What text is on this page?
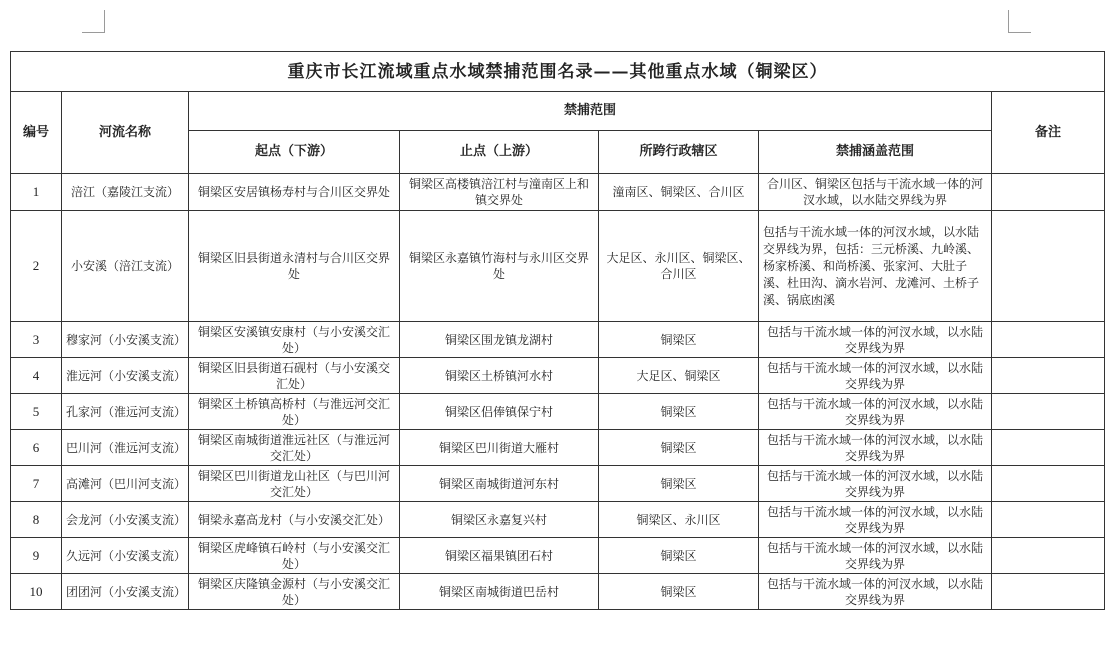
重庆市长江流域重点水域禁捕范围名录——其他重点水域（铜梁区）						
编号	河流名称	禁捕范围				备注
		起点（下游）	止点（上游）	所跨行政辖区	禁捕涵盖范围	
1	涪江（嘉陵江支流）	铜梁区安居镇杨寿村与合川区交界处	铜梁区高楼镇涪江村与潼南区上和镇交界处	潼南区、铜梁区、合川区	合川区、铜梁区包括与干流水域一体的河汊水域，以水陆交界线为界	
2	小安溪（涪江支流）	铜梁区旧县街道永清村与合川区交界处	铜梁区永嘉镇竹海村与永川区交界处	大足区、永川区、铜梁区、合川区	包括与干流水域一体的河汊水域，以水陆交界线为界，包括：三元桥溪、九岭溪、杨家桥溪、和尚桥溪、张家河、大肚子溪、杜田沟、滴水岩河、龙滩河、土桥子溪、锅底凼溪	
3	穆家河（小安溪支流）	铜梁区安溪镇安康村（与小安溪交汇处）	铜梁区围龙镇龙湖村	铜梁区	包括与干流水域一体的河汊水域，以水陆交界线为界	
4	淮远河（小安溪支流）	铜梁区旧县街道石砚村（与小安溪交汇处）	铜梁区土桥镇河水村	大足区、铜梁区	包括与干流水域一体的河汊水域，以水陆交界线为界	
5	孔家河（淮远河支流）	铜梁区土桥镇高桥村（与淮远河交汇处）	铜梁区侣俸镇保宁村	铜梁区	包括与干流水域一体的河汊水域，以水陆交界线为界	
6	巴川河（淮远河支流）	铜梁区南城街道淮远社区（与淮远河交汇处）	铜梁区巴川街道大雁村	铜梁区	包括与干流水域一体的河汊水域，以水陆交界线为界	
7	高滩河（巴川河支流）	铜梁区巴川街道龙山社区（与巴川河交汇处）	铜梁区南城街道河东村	铜梁区	包括与干流水域一体的河汊水域，以水陆交界线为界	
8	会龙河（小安溪支流）	铜梁永嘉高龙村（与小安溪交汇处）	铜梁区永嘉复兴村	铜梁区、永川区	包括与干流水域一体的河汊水域，以水陆交界线为界	
9	久远河（小安溪支流）	铜梁区虎峰镇石岭村（与小安溪交汇处）	铜梁区福果镇团石村	铜梁区	包括与干流水域一体的河汊水域，以水陆交界线为界	
10	团团河（小安溪支流）	铜梁区庆隆镇金源村（与小安溪交汇处）	铜梁区南城街道巴岳村	铜梁区	包括与干流水域一体的河汊水域，以水陆交界线为界	
